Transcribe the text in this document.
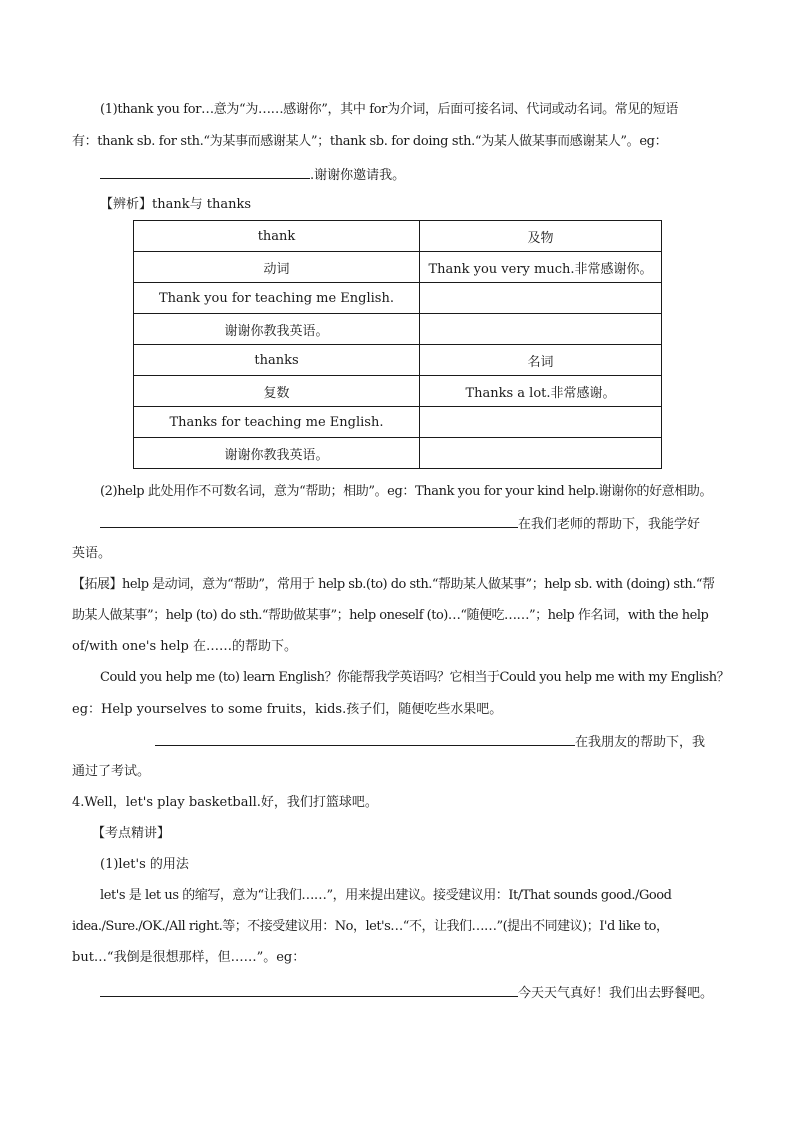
(1)thank you for…意为“为……感谢你”，其中 for为介词，后面可接名词、代词或动名词。常见的短语
有：thank sb. for sth.“为某事而感谢某人”；thank sb. for doing sth.“为某人做某事而感谢某人”。eg：
.谢谢你邀请我。
【辨析】thank与 thanks
thank	及物
动词	Thank you very much.非常感谢你。
Thank you for teaching me English.	
谢谢你教我英语。	
thanks	名词
复数	Thanks a lot.非常感谢。
Thanks for teaching me English.	
谢谢你教我英语。	
(2)help 此处用作不可数名词，意为“帮助；相助”。eg：Thank you for your kind help.谢谢你的好意相助。
在我们老师的帮助下，我能学好
英语。
【拓展】help 是动词，意为“帮助”，常用于 help sb.(to) do sth.“帮助某人做某事”；help sb. with (doing) sth.“帮
助某人做某事”；help (to) do sth.“帮助做某事”；help oneself (to)…“随便吃……”；help 作名词，with the help
of/with one's help 在……的帮助下。
Could you help me (to) learn English？你能帮我学英语吗？它相当于Could you help me with my English？
eg：Help yourselves to some fruits，kids.孩子们，随便吃些水果吧。
在我朋友的帮助下，我
通过了考试。
4.Well，let's play basketball.好，我们打篮球吧。
【考点精讲】
(1)let's 的用法
let's 是 let us 的缩写，意为“让我们……”，用来提出建议。接受建议用：It/That sounds good./Good
idea./Sure./OK./All right.等；不接受建议用：No，let's…“不，让我们……”(提出不同建议)；I'd like to，
but…“我倒是很想那样，但……”。eg：
今天天气真好！我们出去野餐吧。
